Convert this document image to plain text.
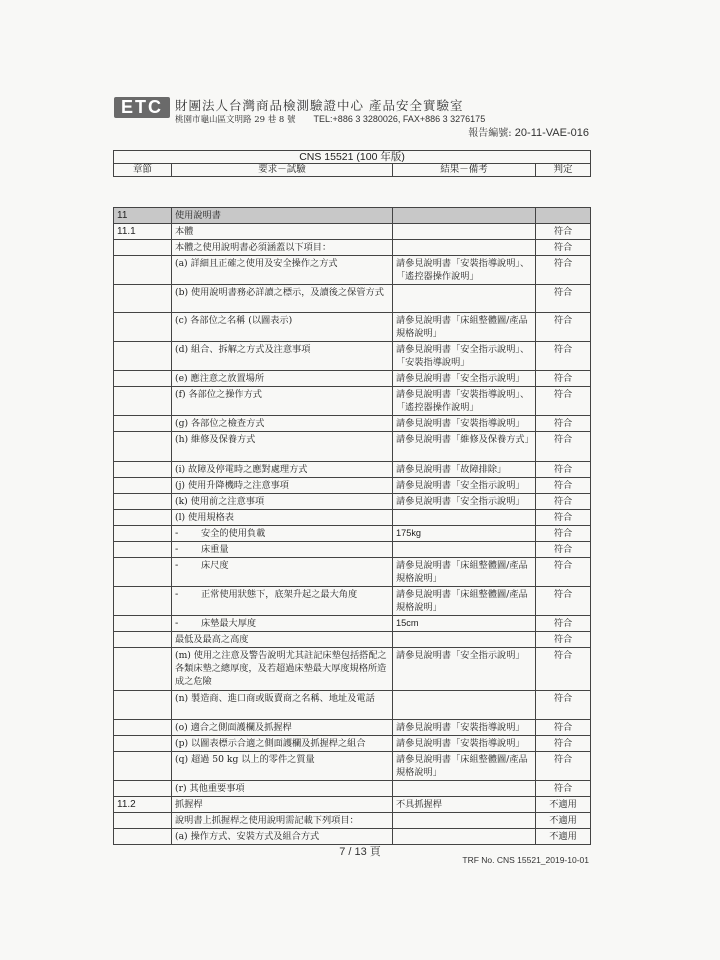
ETC 財團法人台灣商品檢測驗證中心 產品安全實驗室
桃園市龜山區文明路 29 巷 8 號 TEL:+886 3 3280026, FAX+886 3 3276175
報告編號: 20-11-VAE-016
CNS 15521 (100 年版)
章節	要求－試驗	結果－備考	判定
11	使用說明書		
11.1	本體		符合
	本體之使用說明書必須涵蓋以下項目：		符合
	(a) 詳細且正確之使用及安全操作之方式	請參見說明書「安裝指導說明」、「遙控器操作說明」	符合
	(b) 使用說明書務必詳讀之標示，及讀後之保管方式		符合
	(c) 各部位之名稱 (以圖表示)	請參見說明書「床組整體圖/產品規格說明」	符合
	(d) 組合、拆解之方式及注意事項	請參見說明書「安全指示說明」、「安裝指導說明」	符合
	(e) 應注意之放置場所	請參見說明書「安全指示說明」	符合
	(f) 各部位之操作方式	請參見說明書「安裝指導說明」、「遙控器操作說明」	符合
	(g) 各部位之檢查方式	請參見說明書「安裝指導說明」	符合
	(h) 維修及保養方式	請參見說明書「維修及保養方式」	符合
	(i) 故障及停電時之應對處理方式	請參見說明書「故障排除」	符合
	(j) 使用升降機時之注意事項	請參見說明書「安全指示說明」	符合
	(k) 使用前之注意事項	請參見說明書「安全指示說明」	符合
	(l) 使用規格表		符合
	- 安全的使用負載	175kg	符合
	- 床重量		符合
	- 床尺度	請參見說明書「床組整體圖/產品規格說明」	符合
	- 正常使用狀態下，底架升起之最大角度	請參見說明書「床組整體圖/產品規格說明」	符合
	- 床墊最大厚度	15cm	符合
	最低及最高之高度		符合
	(m) 使用之注意及警告說明尤其註記床墊包括搭配之各類床墊之總厚度，及若超過床墊最大厚度規格所造成之危險	請參見說明書「安全指示說明」	符合
	(n) 製造商、進口商或販賣商之名稱、地址及電話		符合
	(o) 適合之側面護欄及抓握桿	請參見說明書「安裝指導說明」	符合
	(p) 以圖表標示合適之側面護欄及抓握桿之組合	請參見說明書「安裝指導說明」	符合
	(q) 超過 50 kg 以上的零件之質量	請參見說明書「床組整體圖/產品規格說明」	符合
	(r) 其他重要事項		符合
11.2	抓握桿	不具抓握桿	不適用
	說明書上抓握桿之使用說明需記載下列項目：		不適用
	(a) 操作方式、安裝方式及組合方式		不適用
7 / 13 頁
TRF No. CNS 15521_2019-10-01
